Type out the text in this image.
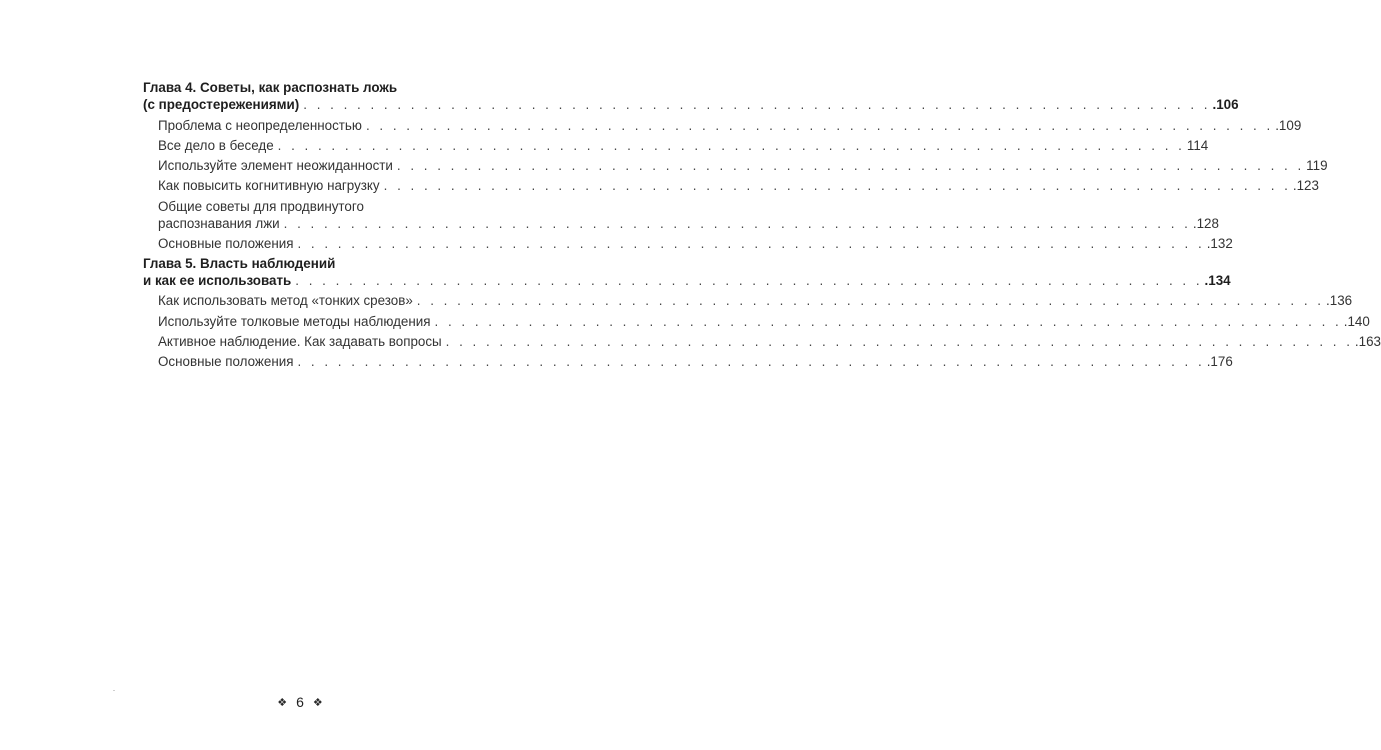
Глава 4. Советы, как распознать ложь
(с предостережениями) . . . . . . . . . . . . . . . . . . . . . . . . . . . . . . . . . . . . . . . . . . . . . . . . . . . . . . . . . . . . . . . . . . . . .106
Проблема с неопределенностью . . . . . . . . . . . . . . . . . . . . . . . . . . . . . . . . . . . . . . . . . . . . . . . . . . . . . . . . . . . . . . . . . . . . .109
Все дело в беседе . . . . . . . . . . . . . . . . . . . . . . . . . . . . . . . . . . . . . . . . . . . . . . . . . . . . . . . . . . . . . . . . . . . . 114
Используйте элемент неожиданности . . . . . . . . . . . . . . . . . . . . . . . . . . . . . . . . . . . . . . . . . . . . . . . . . . . . . . . . . . . . . . . . . . . . 119
Как повысить когнитивную нагрузку . . . . . . . . . . . . . . . . . . . . . . . . . . . . . . . . . . . . . . . . . . . . . . . . . . . . . . . . . . . . . . . . . . . . .123
Общие советы для продвинутого
распознавания лжи . . . . . . . . . . . . . . . . . . . . . . . . . . . . . . . . . . . . . . . . . . . . . . . . . . . . . . . . . . . . . . . . . . . . .128
Основные положения . . . . . . . . . . . . . . . . . . . . . . . . . . . . . . . . . . . . . . . . . . . . . . . . . . . . . . . . . . . . . . . . . . . . .132
Глава 5. Власть наблюдений
и как ее использовать . . . . . . . . . . . . . . . . . . . . . . . . . . . . . . . . . . . . . . . . . . . . . . . . . . . . . . . . . . . . . . . . . . . . .134
Как использовать метод «тонких срезов» . . . . . . . . . . . . . . . . . . . . . . . . . . . . . . . . . . . . . . . . . . . . . . . . . . . . . . . . . . . . . . . . . . . . .136
Используйте толковые методы наблюдения . . . . . . . . . . . . . . . . . . . . . . . . . . . . . . . . . . . . . . . . . . . . . . . . . . . . . . . . . . . . . . . . . . . . .140
Активное наблюдение. Как задавать вопросы . . . . . . . . . . . . . . . . . . . . . . . . . . . . . . . . . . . . . . . . . . . . . . . . . . . . . . . . . . . . . . . . . . . . .163
Основные положения . . . . . . . . . . . . . . . . . . . . . . . . . . . . . . . . . . . . . . . . . . . . . . . . . . . . . . . . . . . . . . . . . . . . .176
❖ 6 ❖
